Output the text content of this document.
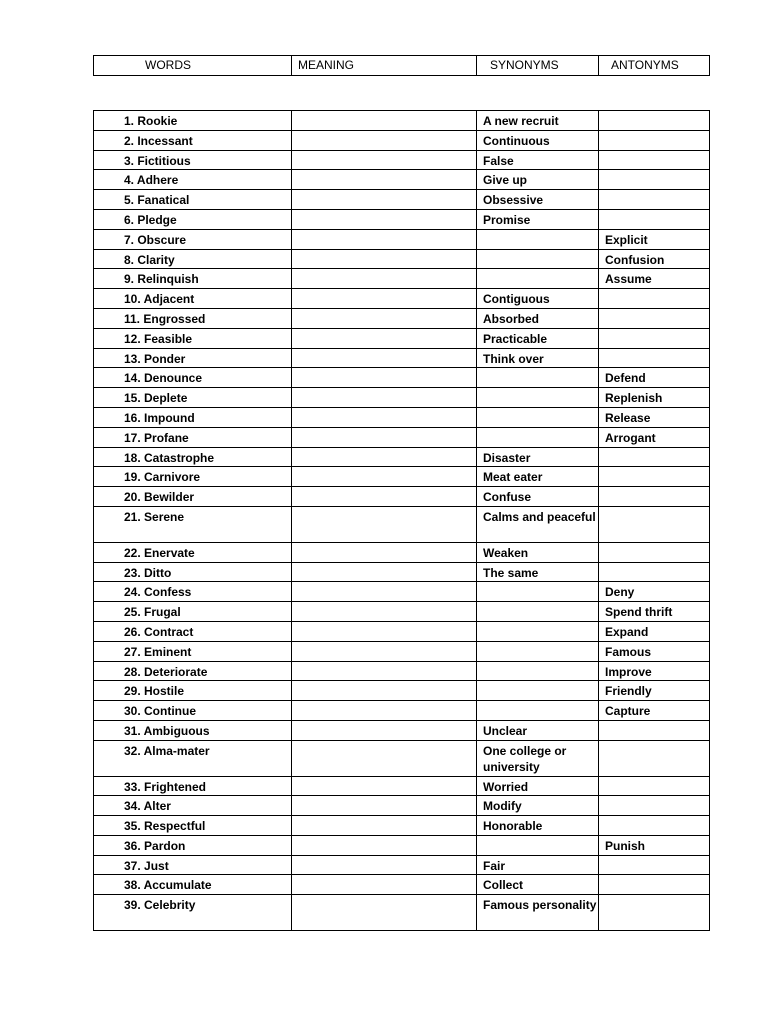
WORDS	MEANING	SYNONYMS	ANTONYMS
1. Rookie		A new recruit	
2. Incessant		Continuous	
3. Fictitious		False	
4. Adhere		Give up	
5. Fanatical		Obsessive	
6. Pledge		Promise	
7. Obscure			Explicit
8. Clarity			Confusion
9. Relinquish			Assume
10. Adjacent		Contiguous	
11. Engrossed		Absorbed	
12. Feasible		Practicable	
13. Ponder		Think over	
14. Denounce			Defend
15. Deplete			Replenish
16. Impound			Release
17. Profane			Arrogant
18. Catastrophe		Disaster	
19. Carnivore		Meat eater	
20. Bewilder		Confuse	
21. Serene		Calms and peaceful	
22. Enervate		Weaken	
23. Ditto		The same	
24. Confess			Deny
25. Frugal			Spend thrift
26. Contract			Expand
27. Eminent			Famous
28. Deteriorate			Improve
29. Hostile			Friendly
30. Continue			Capture
31. Ambiguous		Unclear	
32. Alma-mater		One college or university	
33. Frightened		Worried	
34. Alter		Modify	
35. Respectful		Honorable	
36. Pardon			Punish
37. Just		Fair	
38. Accumulate		Collect	
39. Celebrity		Famous personality	
